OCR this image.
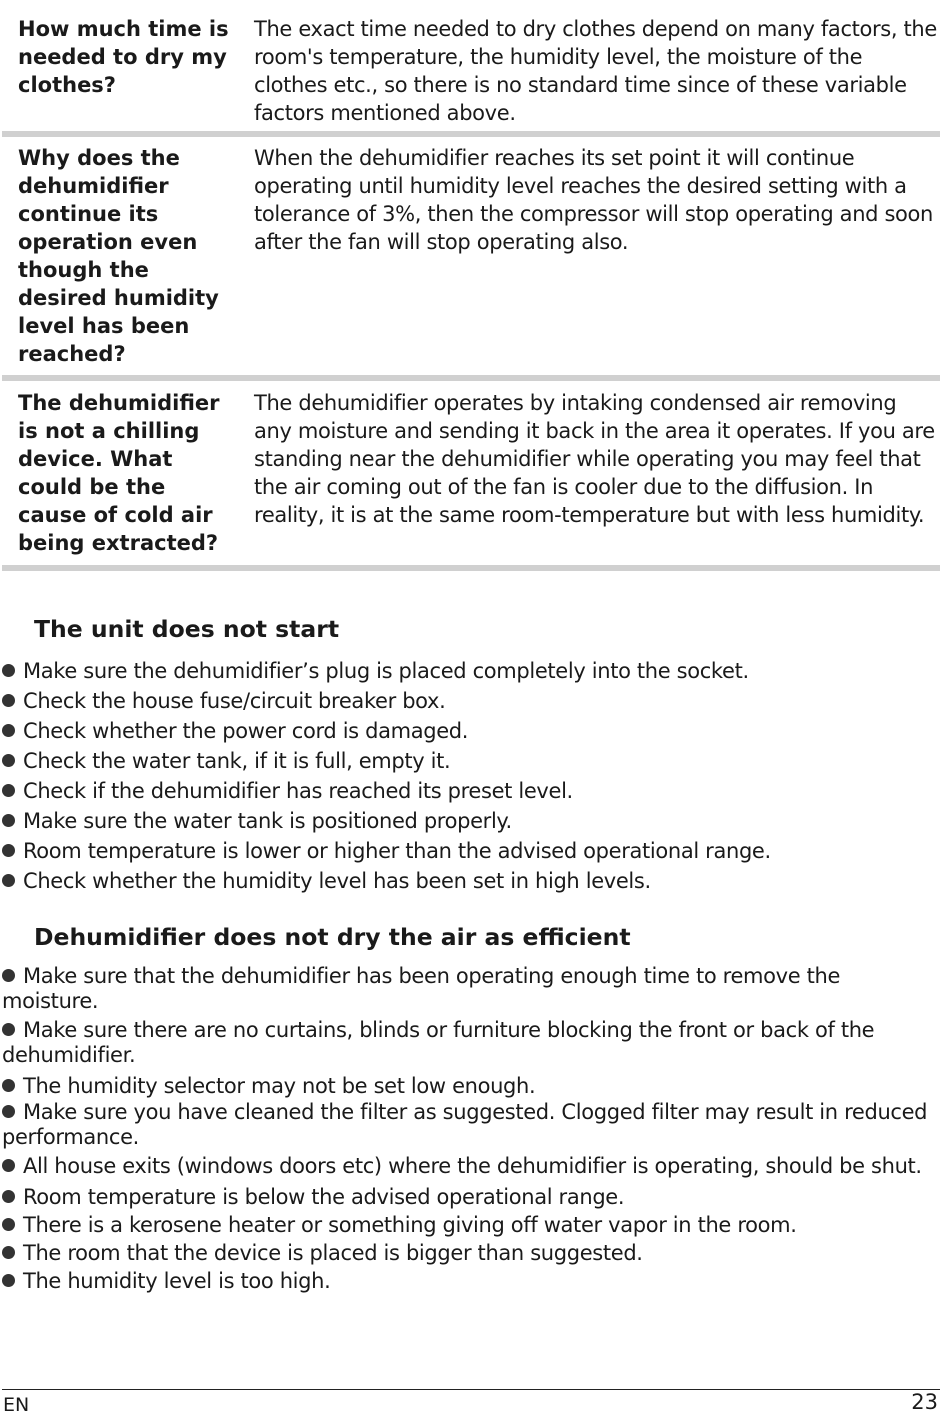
How much time is needed to dry my clothes?
The exact time needed to dry clothes depend on many factors, the room's temperature, the humidity level, the moisture of the clothes etc., so there is no standard time since of these variable factors mentioned above.
Why does the dehumidifier continue its operation even though the desired humidity level has been reached?
When the dehumidifier reaches its set point it will continue operating until humidity level reaches the desired setting with a tolerance of 3%, then the compressor will stop operating and soon after the fan will stop operating also.
The dehumidifier is not a chilling device. What could be the cause of cold air being extracted?
The dehumidifier operates by intaking condensed air removing any moisture and sending it back in the area it operates. If you are standing near the dehumidifier while operating you may feel that the air coming out of the fan is cooler due to the diffusion. In reality, it is at the same room-temperature but with less humidity.
The unit does not start
Make sure the dehumidifier’s plug is placed completely into the socket.
Check the house fuse/circuit breaker box.
Check whether the power cord is damaged.
Check the water tank, if it is full, empty it.
Check if the dehumidifier has reached its preset level.
Make sure the water tank is positioned properly.
Room temperature is lower or higher than the advised operational range.
Check whether the humidity level has been set in high levels.
Dehumidifier does not dry the air as efficient
Make sure that the dehumidifier has been operating enough time to remove the moisture.
Make sure there are no curtains, blinds or furniture blocking the front or back of the dehumidifier.
The humidity selector may not be set low enough.
Make sure you have cleaned the filter as suggested. Clogged filter may result in reduced performance.
All house exits (windows doors etc) where the dehumidifier is operating, should be shut.
Room temperature is below the advised operational range.
There is a kerosene heater or something giving off water vapor in the room.
The room that the device is placed is bigger than suggested.
The humidity level is too high.
EN	23
